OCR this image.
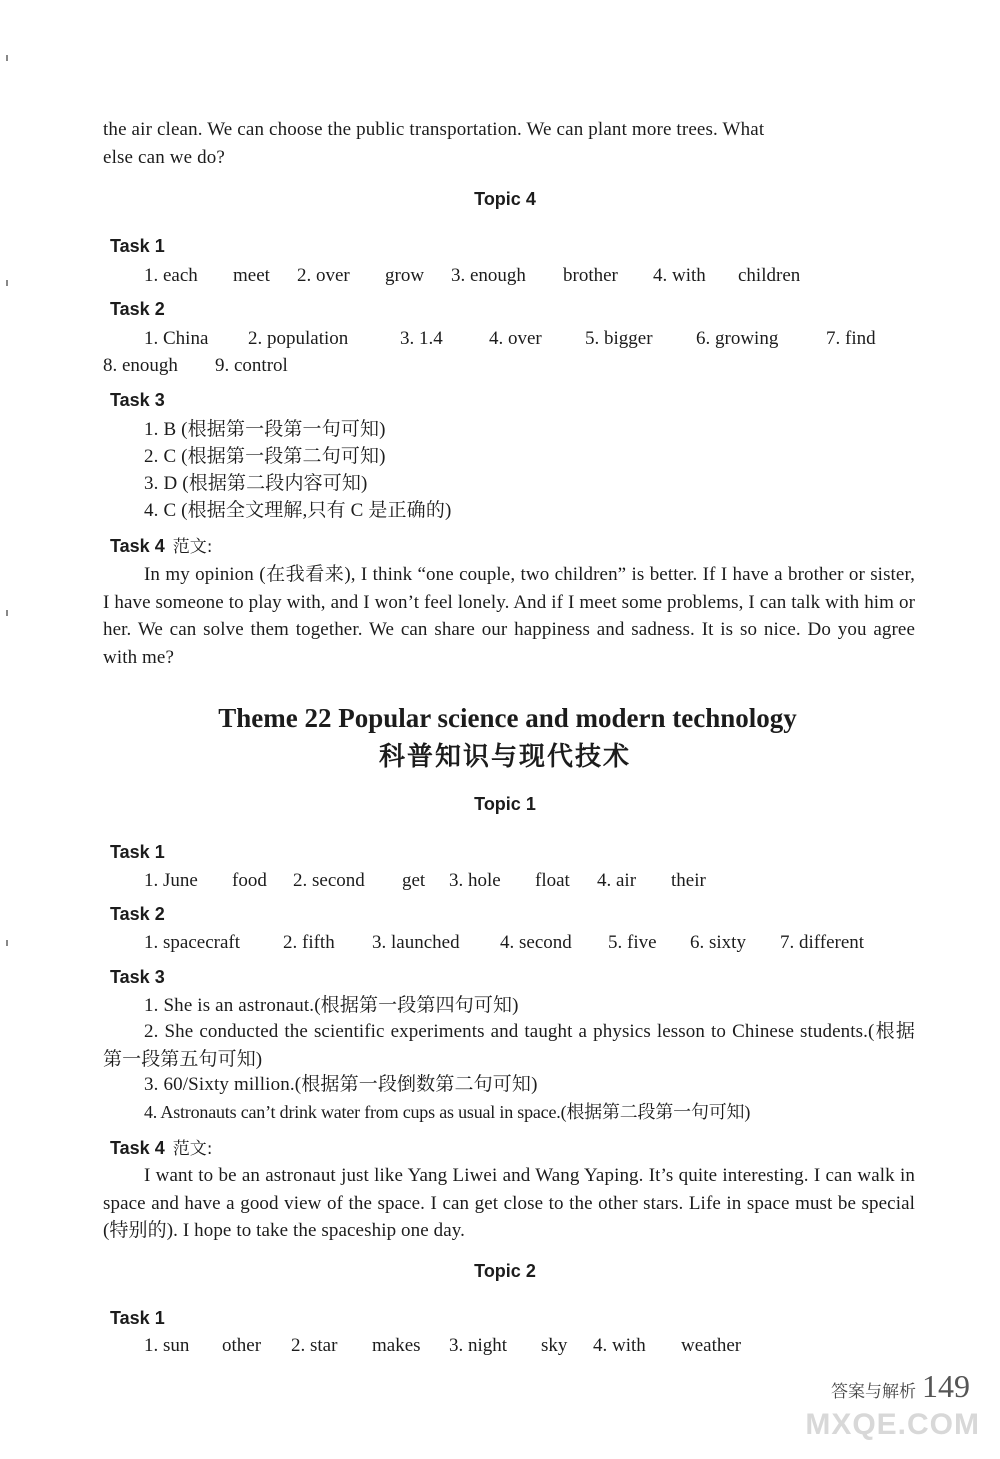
the air clean. We can choose the public transportation. We can plant more trees. What
else can we do?
Topic 4
Task 1
1. each meet 2. over grow 3. enough brother 4. with children
Task 2
1. China 2. population	3. 1.4 4. over 5. bigger 6. growing	7. find
8. enough 9. control
Task 3
1. B (根据第一段第一句可知)
2. C (根据第一段第二句可知)
3. D (根据第二段内容可知)
4. C (根据全文理解,只有 C 是正确的)
Task 4 范文:
In my opinion (在我看来), I think “one couple, two children” is better. If I have a brother or sister, I have someone to play with, and I won’t feel lonely. And if I meet some problems, I can talk with him or her. We can solve them together. We can share our happiness and sadness. It is so nice. Do you agree with me?
Theme 22 Popular science and modern technology
科普知识与现代技术
Topic 1
Task 1
1. June food 2. second get 3. hole float 4. air their
Task 2
1. spacecraft 2. fifth 3. launched 4. second 5. five 6. sixty 7. different
Task 3
1. She is an astronaut.(根据第一段第四句可知)
2. She conducted the scientific experiments and taught a physics lesson to Chinese students.(根据第一段第五句可知)
3. 60/Sixty million.(根据第一段倒数第二句可知)
4. Astronauts can’t drink water from cups as usual in space.(根据第二段第一句可知)
Task 4 范文:
I want to be an astronaut just like Yang Liwei and Wang Yaping. It’s quite interesting. I can walk in space and have a good view of the space. I can get close to the other stars. Life in space must be special (特别的). I hope to take the spaceship one day.
Topic 2
Task 1
1. sun other 2. star makes 3. night sky 4. with weather
答案与解析 149
MXQE.COM
